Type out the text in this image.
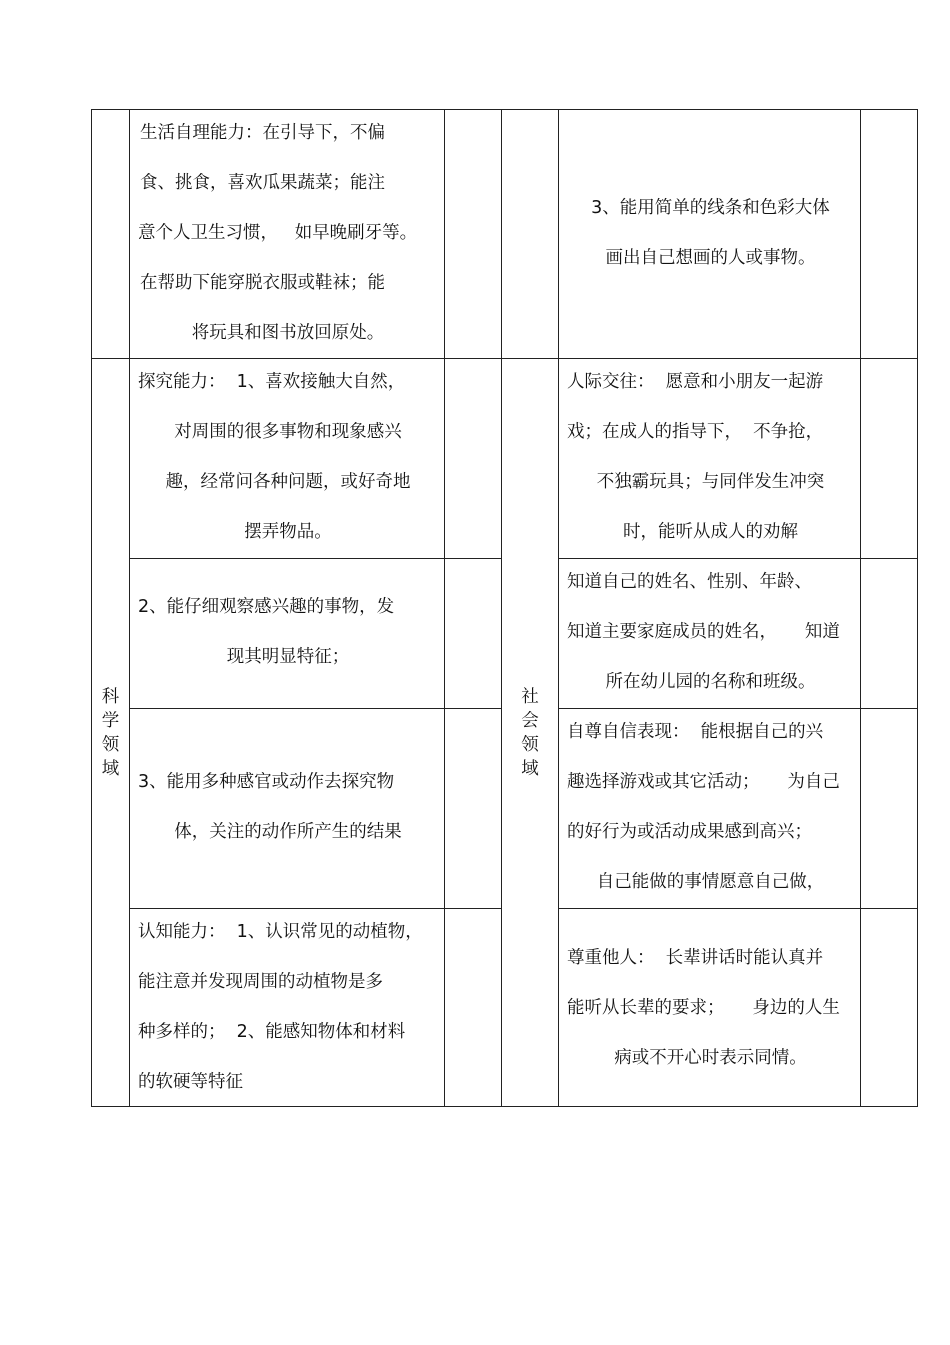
生活自理能力：在引导下，不偏
食、挑食，喜欢瓜果蔬菜；能注
意个人卫生习惯，   如早晚刷牙等。
在帮助下能穿脱衣服或鞋袜；能
将玩具和图书放回原处。
3、能用简单的线条和色彩大体
画出自己想画的人或事物。
科学领域
探究能力：  1、喜欢接触大自然，
对周围的很多事物和现象感兴
趣，经常问各种问题，或好奇地
摆弄物品。
社会领域
人际交往：  愿意和小朋友一起游
戏；在成人的指导下，  不争抢，
不独霸玩具；与同伴发生冲突
时，能听从成人的劝解
2、能仔细观察感兴趣的事物，发
现其明显特征；
知道自己的姓名、性别、年龄、
知道主要家庭成员的姓名，     知道
所在幼儿园的名称和班级。
3、能用多种感官或动作去探究物
体，关注的动作所产生的结果
自尊自信表现：  能根据自己的兴
趣选择游戏或其它活动；     为自己
的好行为或活动成果感到高兴；
自己能做的事情愿意自己做，
认知能力：  1、认识常见的动植物，
能注意并发现周围的动植物是多
种多样的；  2、能感知物体和材料
的软硬等特征
尊重他人：  长辈讲话时能认真并
能听从长辈的要求；     身边的人生
病或不开心时表示同情。
